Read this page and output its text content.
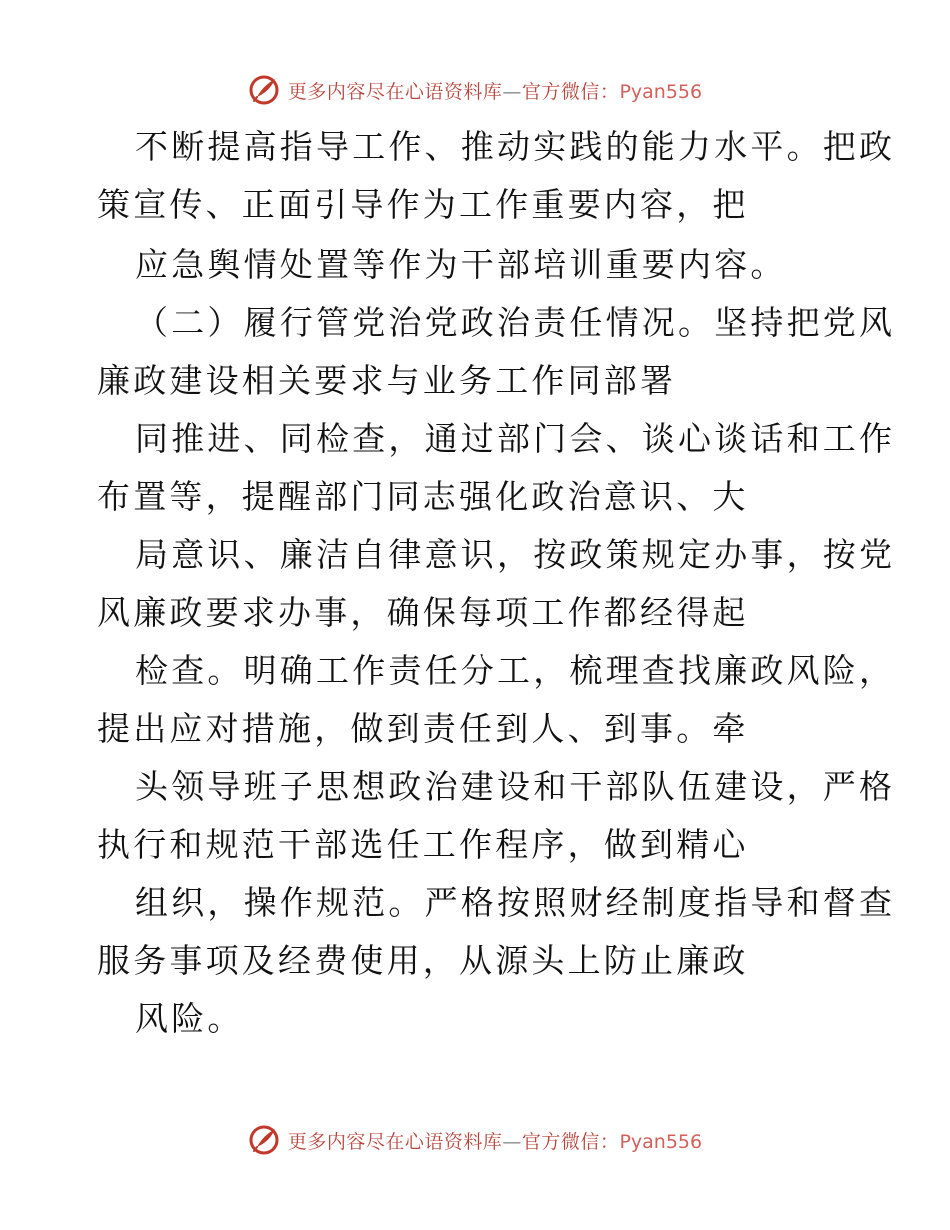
更多内容尽在心语资料库—官方微信：Pyan556
不断提高指导工作、推动实践的能力水平。把政
策宣传、正面引导作为工作重要内容，把
应急舆情处置等作为干部培训重要内容。
（二）履行管党治党政治责任情况。坚持把党风
廉政建设相关要求与业务工作同部署
同推进、同检查，通过部门会、谈心谈话和工作
布置等，提醒部门同志强化政治意识、大
局意识、廉洁自律意识，按政策规定办事，按党
风廉政要求办事，确保每项工作都经得起
检查。明确工作责任分工，梳理查找廉政风险，
提出应对措施，做到责任到人、到事。牵
头领导班子思想政治建设和干部队伍建设，严格
执行和规范干部选任工作程序，做到精心
组织，操作规范。严格按照财经制度指导和督查
服务事项及经费使用，从源头上防止廉政
风险。
更多内容尽在心语资料库—官方微信：Pyan556
